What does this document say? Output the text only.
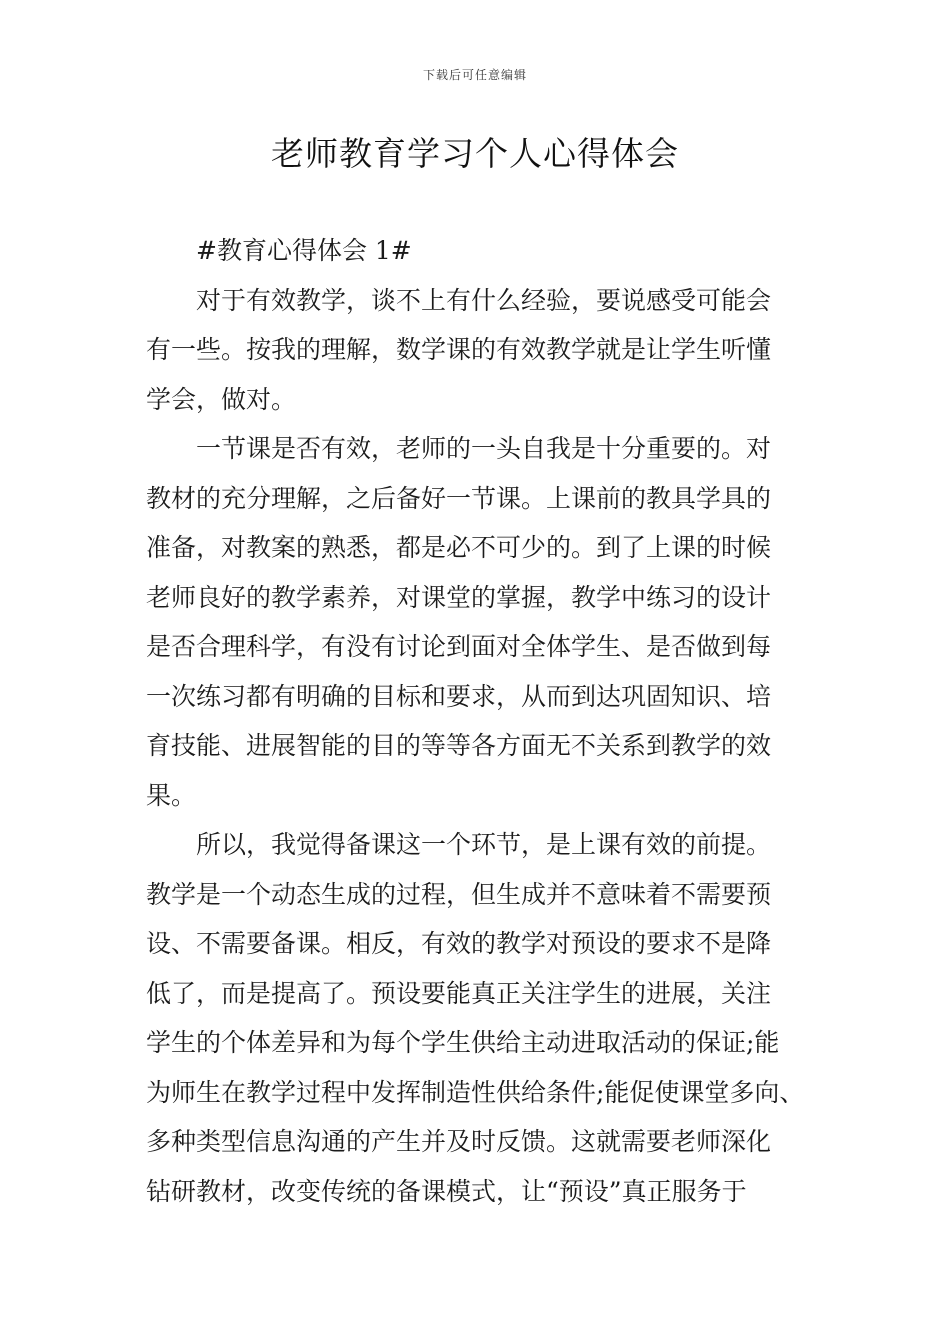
下载后可任意编辑
老师教育学习个人心得体会
#教育心得体会 1#
对于有效教学，谈不上有什么经验，要说感受可能会
有一些。按我的理解，数学课的有效教学就是让学生听懂
学会，做对。
一节课是否有效，老师的一头自我是十分重要的。对
教材的充分理解，之后备好一节课。上课前的教具学具的
准备，对教案的熟悉，都是必不可少的。到了上课的时候
老师良好的教学素养，对课堂的掌握，教学中练习的设计
是否合理科学，有没有讨论到面对全体学生、是否做到每
一次练习都有明确的目标和要求，从而到达巩固知识、培
育技能、进展智能的目的等等各方面无不关系到教学的效
果。
所以，我觉得备课这一个环节，是上课有效的前提。
教学是一个动态生成的过程，但生成并不意味着不需要预
设、不需要备课。相反，有效的教学对预设的要求不是降
低了，而是提高了。预设要能真正关注学生的进展，关注
学生的个体差异和为每个学生供给主动进取活动的保证;能
为师生在教学过程中发挥制造性供给条件;能促使课堂多向、
多种类型信息沟通的产生并及时反馈。这就需要老师深化
钻研教材，改变传统的备课模式，让“预设”真正服务于
